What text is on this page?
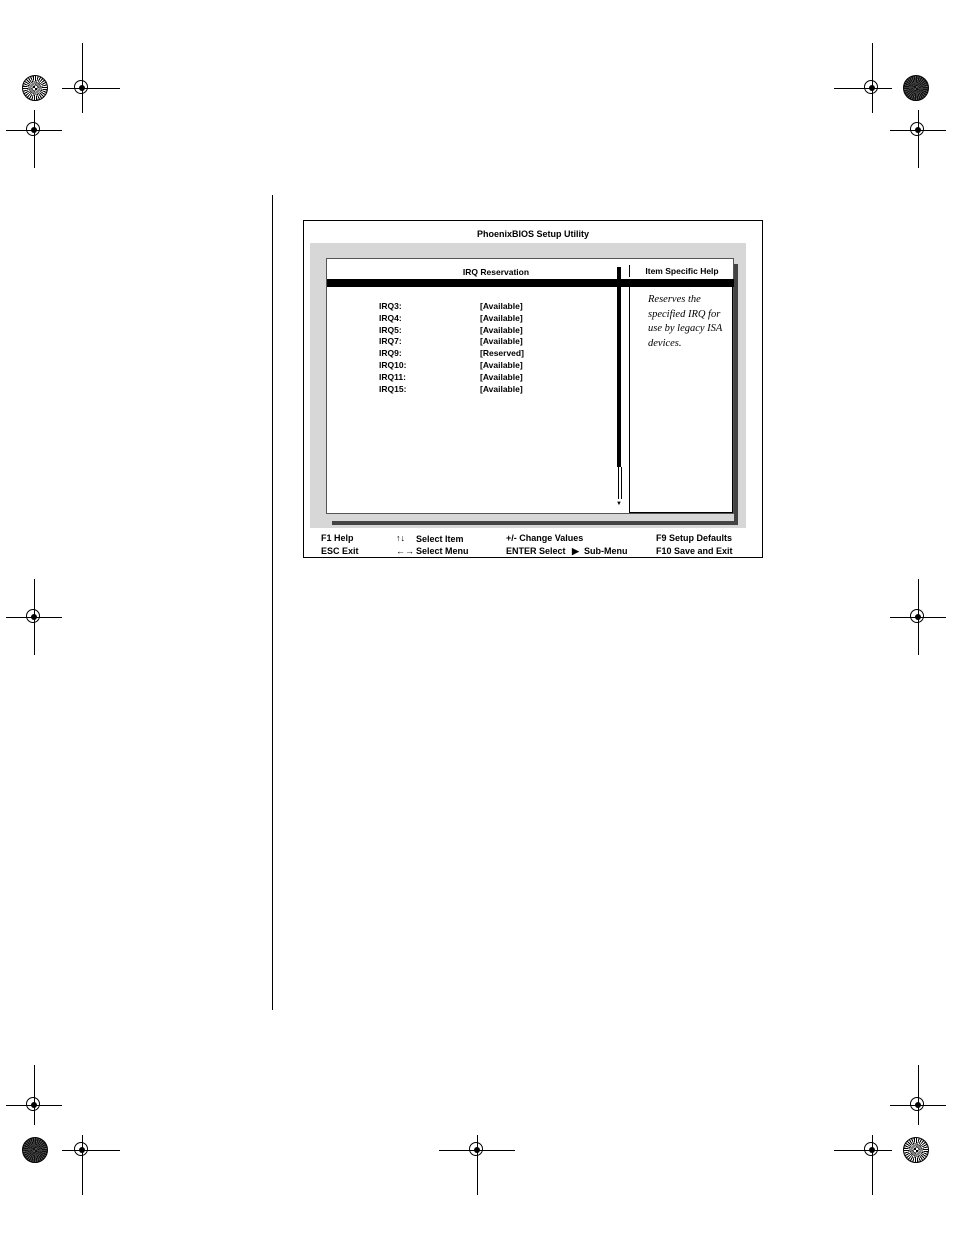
PhoenixBIOS Setup Utility
IRQ Reservation	Item Specific Help
IRQ3:	[Available]
IRQ4:	[Available]
IRQ5:	[Available]
IRQ7:	[Available]
IRQ9:	[Reserved]
IRQ10:	[Available]
IRQ11:	[Available]
IRQ15:	[Available]
▼
Reserves the specified IRQ for use by legacy ISA devices.
F1 Help
ESC Exit
↑↓ Select Item
←→ Select Menu
+/- Change Values
ENTER Select ▶ Sub-Menu
F9 Setup Defaults
F10 Save and Exit
